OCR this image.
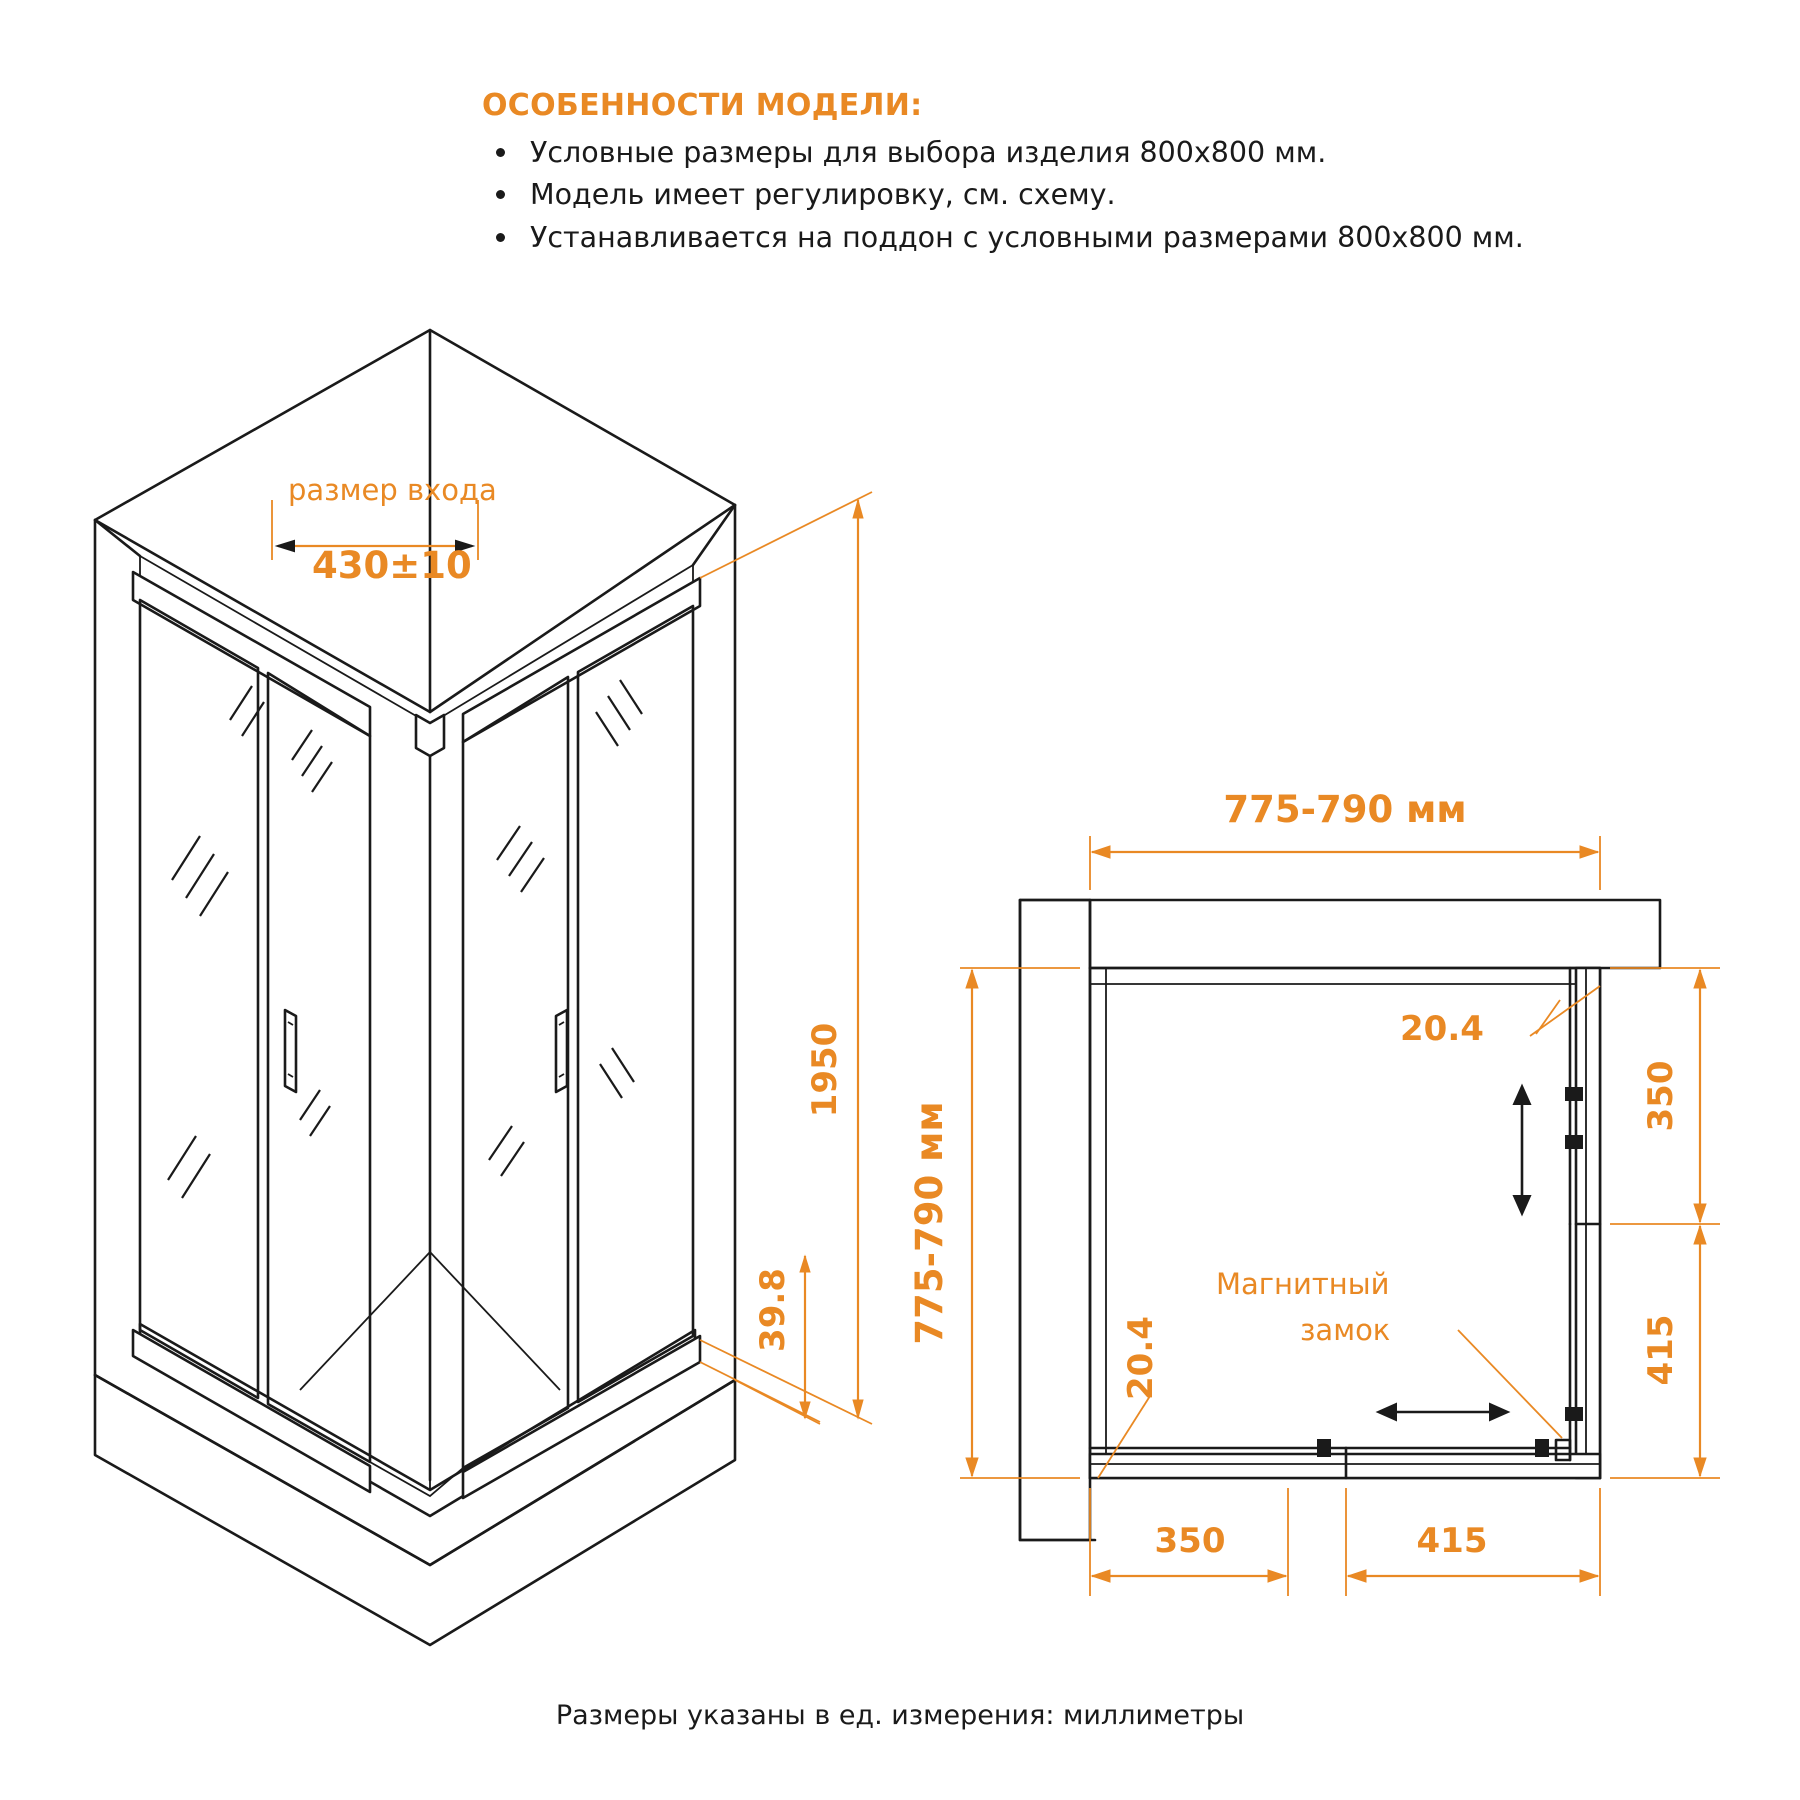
ОСОБЕННОСТИ МОДЕЛИ:
Условные размеры для выбора изделия 800х800 мм.
Модель имеет регулировку, см. схему.
Устанавливается на поддон с условными размерами 800х800 мм.
размер входа
430±10
1950
39.8	Магнитный
замок
775-790 мм
775-790 мм
20.4
20.4
350
415
350	415
Размеры указаны в ед. измерения: миллиметры
